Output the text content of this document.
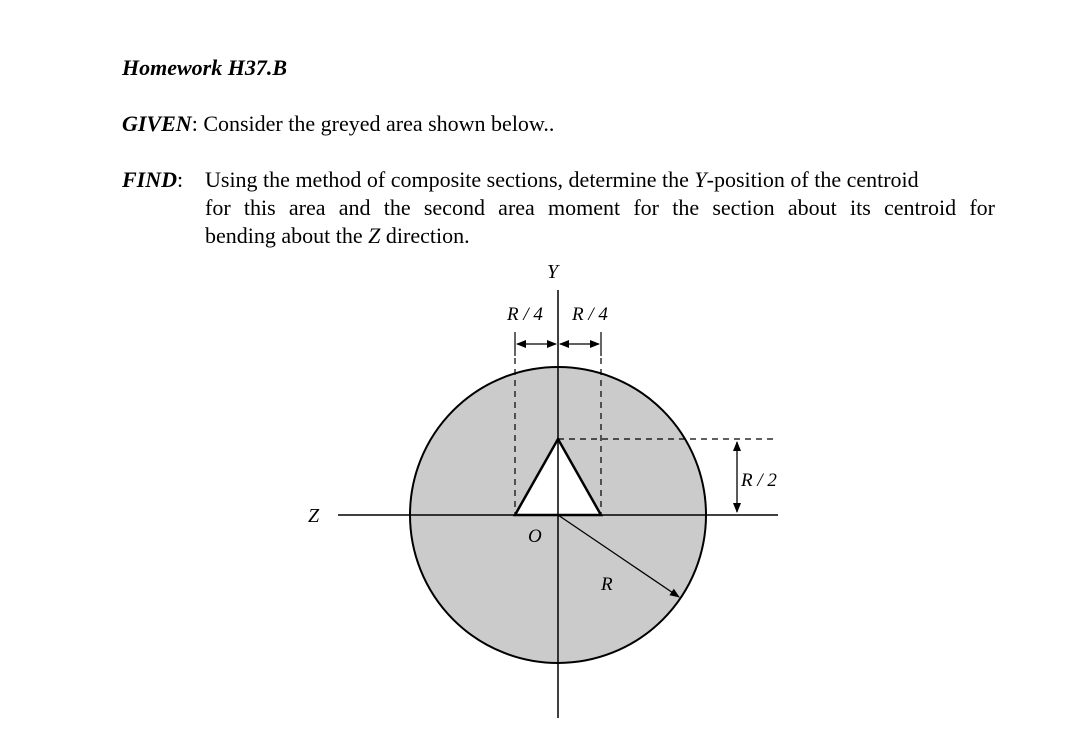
Homework H37.B
GIVEN: Consider the greyed area shown below..
FIND: Using the method of composite sections, determine the Y-position of the centroid
for this area and the second area moment for the section about its centroid for
bending about the Z direction.
Y
Z
O
R
R / 4 R / 4
R / 2
